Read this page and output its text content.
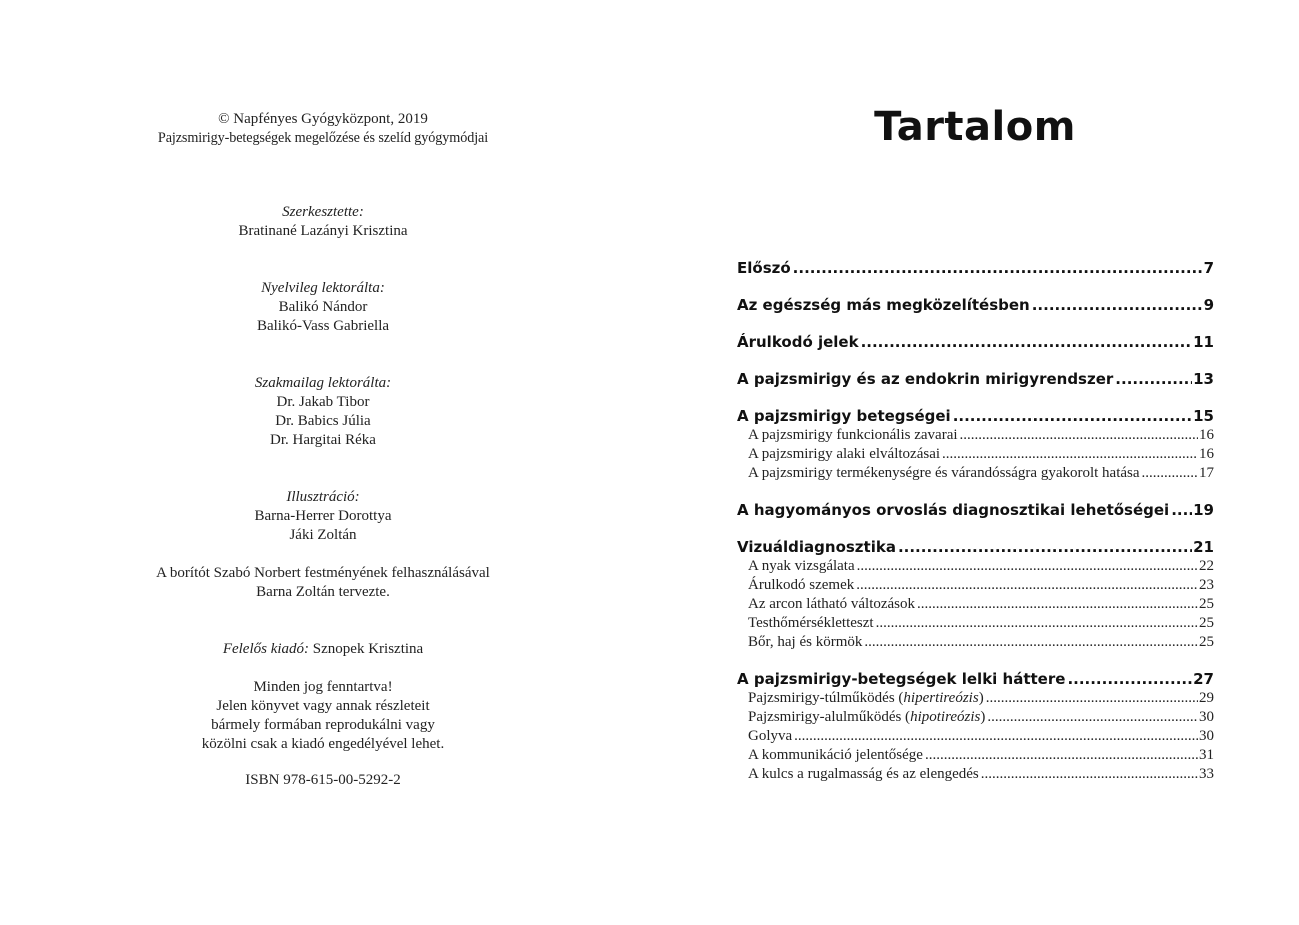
© Napfényes Gyógyközpont, 2019

Pajzsmirigy-betegségek megelőzése és szelíd gyógymódjai

Szerkesztette:

Bratinané Lazányi Krisztina

Nyelvileg lektorálta:

Balikó Nándor

Balikó-Vass Gabriella

Szakmailag lektorálta:

Dr. Jakab Tibor

Dr. Babics Júlia

Dr. Hargitai Réka

Illusztráció:

Barna-Herrer Dorottya

Jáki Zoltán

A borítót Szabó Norbert festményének felhasználásával

Barna Zoltán tervezte.

Felelős kiadó: Sznopek Krisztina

Minden jog fenntartva!

Jelen könyvet vagy annak részleteit

bármely formában reprodukálni vagy

közölni csak a kiadó engedélyével lehet.

ISBN 978-615-00-5292-2

Tartalom
Előszó .....	7
Az egészség más megközelítésben .....	9
Árulkodó jelek .....	11
A pajzsmirigy és az endokrin mirigyrendszer .....	13
A pajzsmirigy betegségei .....	15
A pajzsmirigy funkcionális zavarai .....	16
A pajzsmirigy alaki elváltozásai .....	16
A pajzsmirigy termékenységre és várandósságra gyakorolt hatása .....	17
A hagyományos orvoslás diagnosztikai lehetőségei ..... 19
Vizuáldiagnosztika .....	21
A nyak vizsgálata .....	22
Árulkodó szemek .....	23
Az arcon látható változások .....	25
Testhőmérsékletteszt .....	25
Bőr, haj és körmök .....	25
A pajzsmirigy-betegségek lelki háttere .....	27
Pajzsmirigy-túlműködés (hipertireózis) .....	29
Pajzsmirigy-alulműködés (hipotireózis) .....	30
Golyva .....	30
A kommunikáció jelentősége .....	31
A kulcs a rugalmasság és az elengedés .....	33
